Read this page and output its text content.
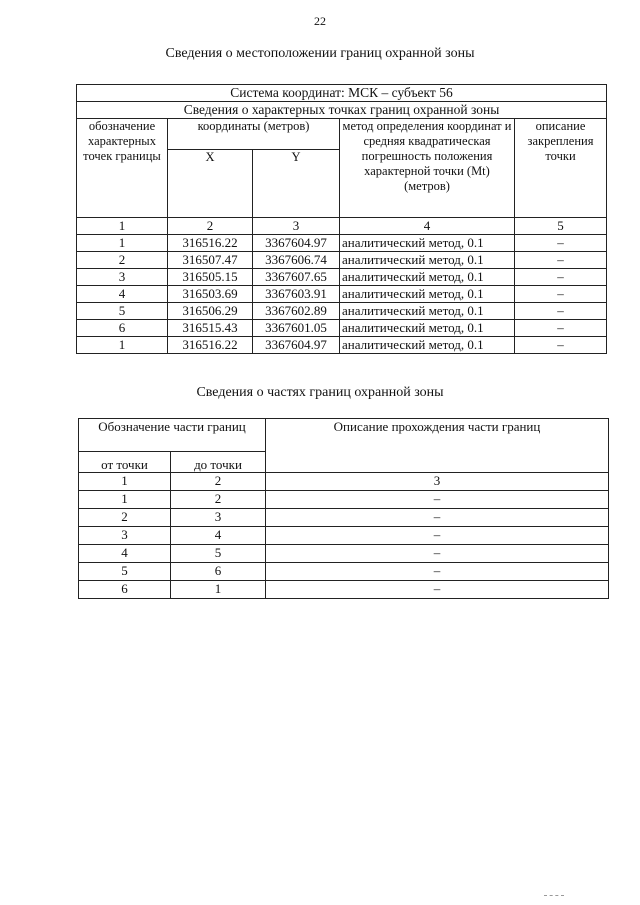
22
Сведения о местоположении границ охранной зоны
Система координат: МСК – субъект 56				
Сведения о характерных точках границ охранной зоны				
обозначение характерных точек границы	координаты (метров)		метод определения координат и средняя квадратическая погрешность положения характерной точки (Mt) (метров)	описание закрепления точки
	X	Y		
1	2	3	4	5
1	316516.22	3367604.97	аналитический метод, 0.1	–
2	316507.47	3367606.74	аналитический метод, 0.1	–
3	316505.15	3367607.65	аналитический метод, 0.1	–
4	316503.69	3367603.91	аналитический метод, 0.1	–
5	316506.29	3367602.89	аналитический метод, 0.1	–
6	316515.43	3367601.05	аналитический метод, 0.1	–
1	316516.22	3367604.97	аналитический метод, 0.1	–
Сведения о частях границ охранной зоны
Обозначение части границ		Описание прохождения части границ
от точки	до точки	
1	2	3
1	2	–
2	3	–
3	4	–
4	5	–
5	6	–
6	1	–
